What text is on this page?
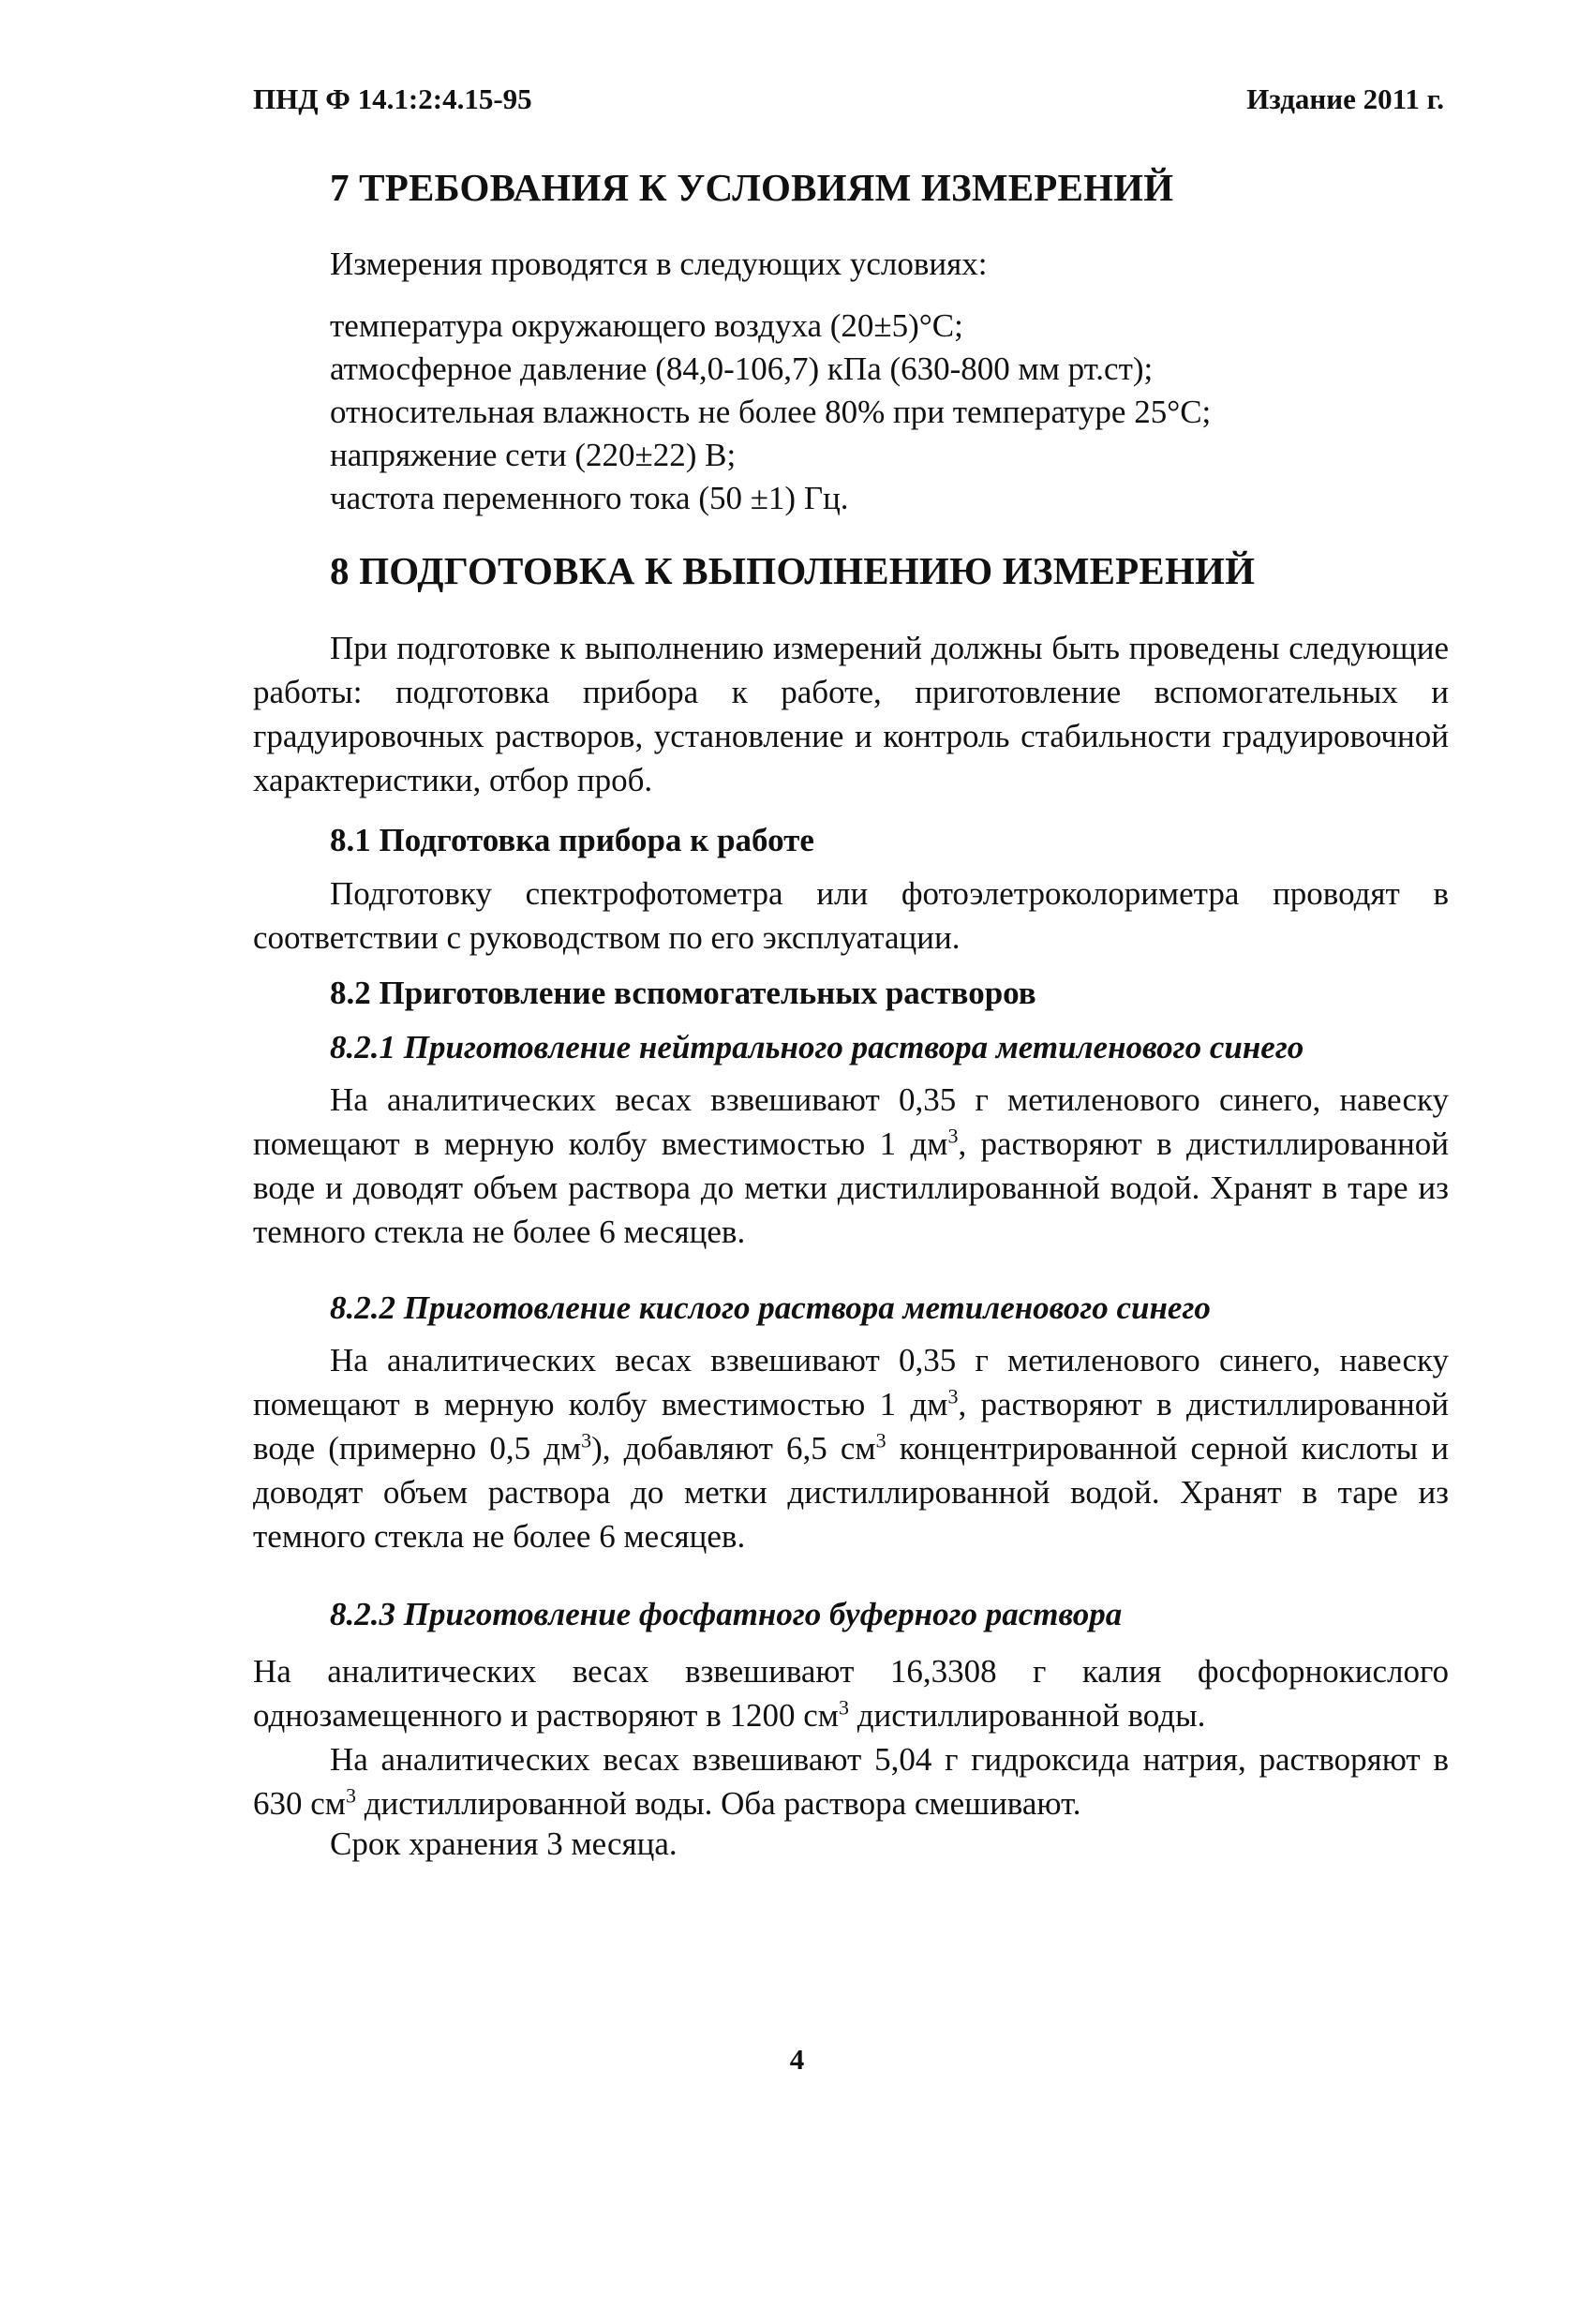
ПНД Ф 14.1:2:4.15-95	Издание 2011 г.
7 ТРЕБОВАНИЯ К УСЛОВИЯМ ИЗМЕРЕНИЙ
Измерения проводятся в следующих условиях:
температура окружающего воздуха (20±5)°С;
атмосферное давление (84,0-106,7) кПа (630-800 мм рт.ст);
относительная влажность не более 80% при температуре 25°С;
напряжение сети (220±22) В;
частота переменного тока (50 ±1) Гц.
8 ПОДГОТОВКА К ВЫПОЛНЕНИЮ ИЗМЕРЕНИЙ
При подготовке к выполнению измерений должны быть проведены следующие работы: подготовка прибора к работе, приготовление вспомогательных и градуировочных растворов, установление и контроль стабильности градуировочной характеристики, отбор проб.
8.1 Подготовка прибора к работе
Подготовку спектрофотометра или фотоэлетроколориметра проводят в соответствии с руководством по его эксплуатации.
8.2 Приготовление вспомогательных растворов
8.2.1 Приготовление нейтрального раствора метиленового синего
На аналитических весах взвешивают 0,35 г метиленового синего, навеску помещают в мерную колбу вместимостью 1 $дм^3$, растворяют в дистиллированной воде и доводят объем раствора до метки дистиллированной водой. Хранят в таре из темного стекла не более 6 месяцев.
8.2.2 Приготовление кислого раствора метиленового синего
На аналитических весах взвешивают 0,35 г метиленового синего, навеску помещают в мерную колбу вместимостью 1 $дм^3$, растворяют в дистиллированной воде (примерно 0,5 $дм^3$), добавляют 6,5 $см^3$ концентрированной серной кислоты и доводят объем раствора до метки дистиллированной водой. Хранят в таре из темного стекла не более 6 месяцев.
8.2.3 Приготовление фосфатного буферного раствора
На аналитических весах взвешивают 16,3308 г калия фосфорнокислого однозамещенного и растворяют в 1200 $см^3$ дистиллированной воды.
На аналитических весах взвешивают 5,04 г гидроксида натрия, растворяют в 630 $см^3$ дистиллированной воды. Оба раствора смешивают.
Срок хранения 3 месяца.
4
